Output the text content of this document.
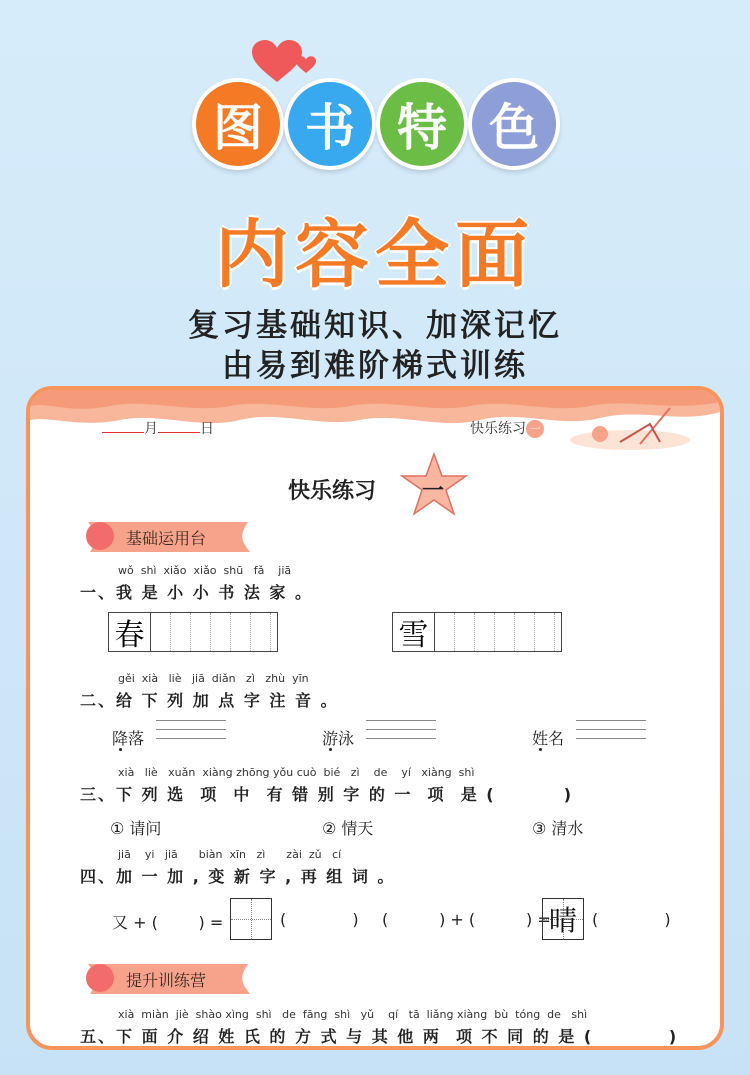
图 书 特 色
内容全面
复习基础知识、加深记忆
由易到难阶梯式训练
月	日	快乐练习 一
快乐练习 一
基础运用台
wǒ  shì  xiǎo  xiǎo  shū   fǎ    jiā
一、我 是 小 小 书 法 家 。
春	雪
gěi  xià   liè   jiā  diǎn   zì   zhù  yīn
二、给 下 列 加 点 字 注 音 。
降落	游泳	姓名
xià   liè   xuǎn  xiàng zhōng yǒu cuò  bié   zì    de    yí   xiàng  shì
三、下 列 选  项  中  有 错 别 字 的 一  项  是 (         )
① 请问	② 情天	③ 清水
jiā    yi   jiā      biàn  xīn   zì      zài  zǔ   cí
四、加 一 加 , 变 新 字 , 再 组 词 。
又 + (        ) =	(             ) (          ) + (          ) =
晴 (             )
提升训练营
xià  miàn  jiè  shào xìng  shì   de  fāng  shì   yǔ    qí   tā  liǎng xiàng  bù  tóng  de   shì
五、下 面 介 绍 姓 氏 的 方 式 与 其 他 两  项 不 同 的 是 (          )
